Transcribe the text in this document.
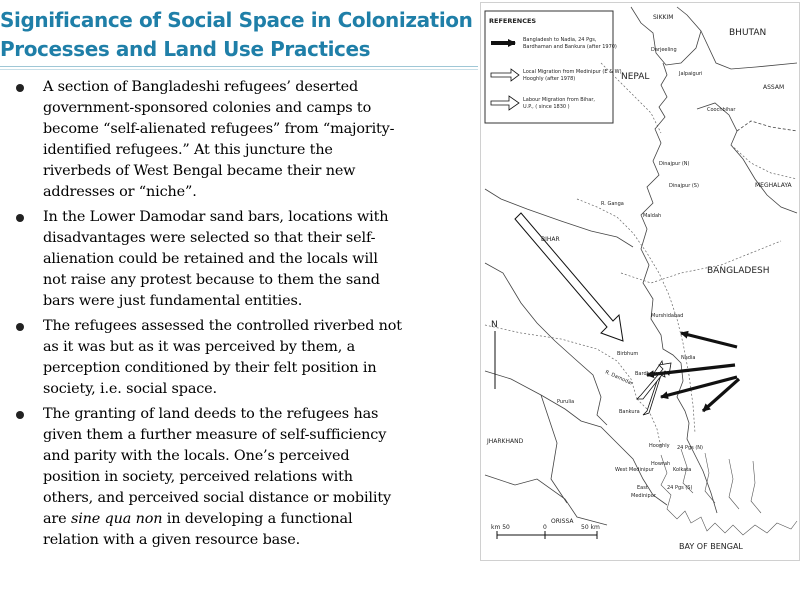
Significance of Social Space in Colonization
Processes and Land Use Practices
A section of Bangladeshi refugees’ deserted
government-sponsored colonies and camps to
become “self-alienated refugees” from “majority-
identified refugees.” At this juncture the
riverbeds of West Bengal became their new
addresses or “niche”.
In the Lower Damodar sand bars, locations with
disadvantages were selected so that their self-
alienation could be retained and the locals will
not raise any protest because to them the sand
bars were just fundamental entities.
The refugees assessed the controlled riverbed not
as it was but as it was perceived by them, a
perception conditioned by their felt position in
society, i.e. social space.
The granting of land deeds to the refugees has
given them a further measure of self-sufficiency
and parity with the locals. One’s perceived
position in society, perceived relations with
others, and perceived social distance or mobility
are sine qua non in developing a functional
relation with a given resource base.
REFERENCES
Bangladesh to Nadia, 24 Pgs,
Bardhaman and Bankura (after 1970)
Local Migration from Medinipur (E & W),
Hooghly (after 1978)
Labour Migration from Bihar,
U.P., ( since 1830 )
N
km 50	0	50 km
SIKKIM
BHUTAN
NEPAL
Darjeeling
Jalpaiguri
ASSAM
Coochbihar
Dinajpur (N)
Dinajpur (S)	MEGHALAYA
R. Ganga
Maldah
BIHAR
BANGLADESH
Murshidabad
Birbhum
Nadia
Bardhaman
R. Damodar
Purulia
Bankura
JHARKHAND
Hooghly 24 Pgs (N)
Howrah
Kolkata
West Medinipur
24 Pgs (S)
East
Medinipur
ORISSA
BAY OF BENGAL
